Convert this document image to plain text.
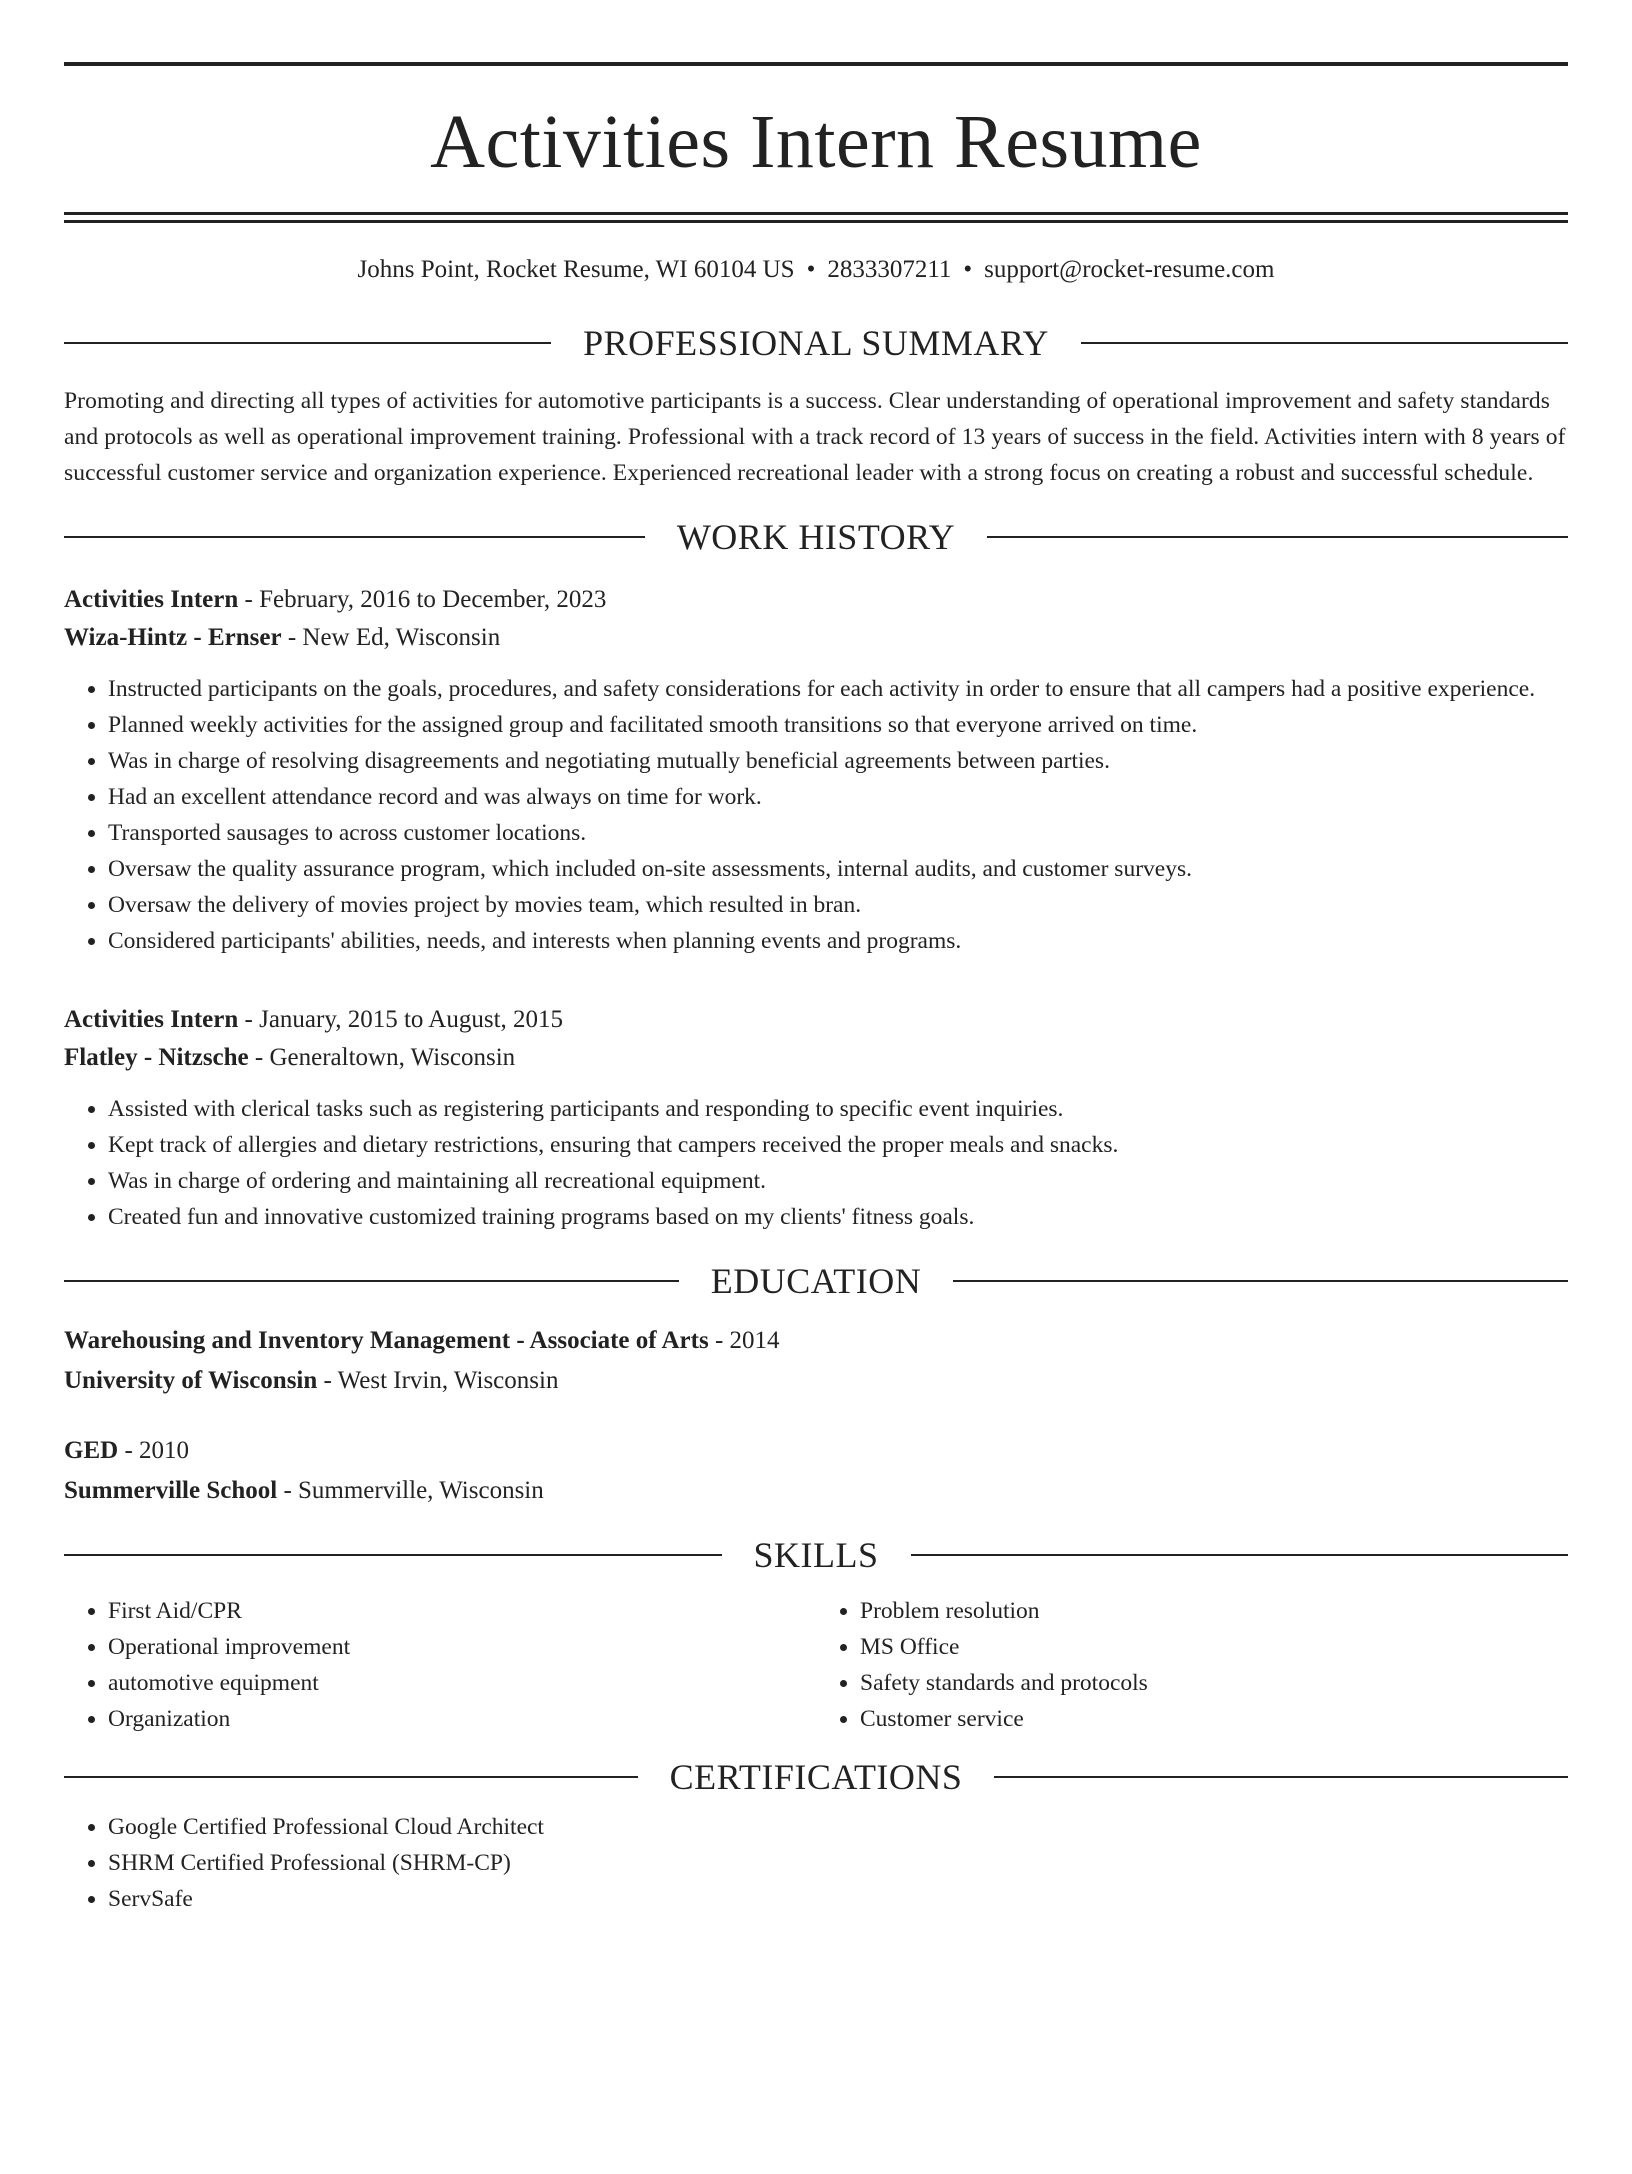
Activities Intern Resume
Johns Point, Rocket Resume, WI 60104 US • 2833307211 • support@rocket-resume.com
PROFESSIONAL SUMMARY
Promoting and directing all types of activities for automotive participants is a success. Clear understanding of operational improvement and safety standards and protocols as well as operational improvement training. Professional with a track record of 13 years of success in the field. Activities intern with 8 years of successful customer service and organization experience. Experienced recreational leader with a strong focus on creating a robust and successful schedule.
WORK HISTORY
Activities Intern - February, 2016 to December, 2023
Wiza-Hintz - Ernser - New Ed, Wisconsin
• Instructed participants on the goals, procedures, and safety considerations for each activity in order to ensure that all campers had a positive experience.
• Planned weekly activities for the assigned group and facilitated smooth transitions so that everyone arrived on time.
• Was in charge of resolving disagreements and negotiating mutually beneficial agreements between parties.
• Had an excellent attendance record and was always on time for work.
• Transported sausages to across customer locations.
• Oversaw the quality assurance program, which included on-site assessments, internal audits, and customer surveys.
• Oversaw the delivery of movies project by movies team, which resulted in bran.
• Considered participants' abilities, needs, and interests when planning events and programs.
Activities Intern - January, 2015 to August, 2015
Flatley - Nitzsche - Generaltown, Wisconsin
• Assisted with clerical tasks such as registering participants and responding to specific event inquiries.
• Kept track of allergies and dietary restrictions, ensuring that campers received the proper meals and snacks.
• Was in charge of ordering and maintaining all recreational equipment.
• Created fun and innovative customized training programs based on my clients' fitness goals.
EDUCATION
Warehousing and Inventory Management - Associate of Arts - 2014
University of Wisconsin - West Irvin, Wisconsin
GED - 2010
Summerville School - Summerville, Wisconsin
SKILLS
• First Aid/CPR
• Operational improvement
• automotive equipment
• Organization
• Problem resolution
• MS Office
• Safety standards and protocols
• Customer service
CERTIFICATIONS
• Google Certified Professional Cloud Architect
• SHRM Certified Professional (SHRM-CP)
• ServSafe
